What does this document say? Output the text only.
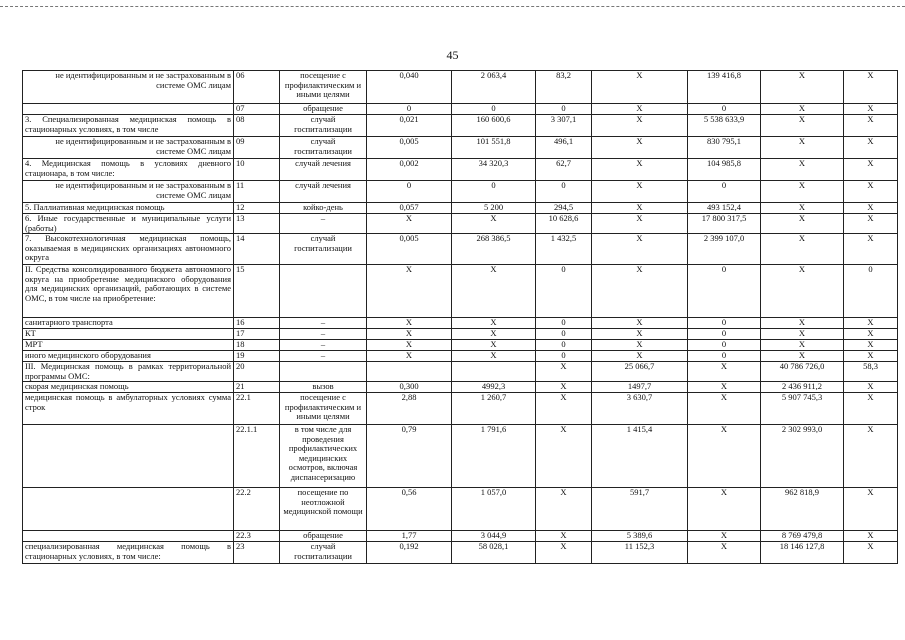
45
не идентифицированным и не застрахованным в системе ОМС лицам	06	посещение с профилактическим и иными целями	0,040	2 063,4	83,2	X	139 416,8	X	X
	07	обращение	0	0	0	X	0	X	X
3. Специализированная медицинская помощь в стационарных условиях, в том числе	08	случай госпитализации	0,021	160 600,6	3 307,1	X	5 538 633,9	X	X
не идентифицированным и не застрахованным в системе ОМС лицам	09	случай госпитализации	0,005	101 551,8	496,1	X	830 795,1	X	X
4. Медицинская помощь в условиях дневного стационара, в том числе:	10	случай лечения	0,002	34 320,3	62,7	X	104 985,8	X	X
не идентифицированным и не застрахованным в системе ОМС лицам	11	случай лечения	0	0	0	X	0	X	X
5. Паллиативная медицинская помощь	12	койко-день	0,057	5 200	294,5	X	493 152,4	X	X
6. Иные государственные и муниципальные услуги (работы)	13	–	X	X	10 628,6	X	17 800 317,5	X	X
7. Высокотехнологичная медицинская помощь, оказываемая в медицинских организациях автономного округа	14	случай госпитализации	0,005	268 386,5	1 432,5	X	2 399 107,0	X	X
II. Средства консолидированного бюджета автономного округа на приобретение медицинского оборудования для медицинских организаций, работающих в системе ОМС, в том числе на приобретение:	15		X	X	0	X	0	X	0
санитарного транспорта	16	–	X	X	0	X	0	X	X
КТ	17	–	X	X	0	X	0	X	X
МРТ	18	–	X	X	0	X	0	X	X
иного медицинского оборудования	19	–	X	X	0	X	0	X	X
III. Медицинская помощь в рамках территориальной программы ОМС:	20				X	25 066,7	X	40 786 726,0	58,3
скорая медицинская помощь	21	вызов	0,300	4992,3	X	1497,7	X	2 436 911,2	X
медицинская помощь в амбулаторных условиях сумма строк	22.1	посещение с профилактическим и иными целями	2,88	1 260,7	X	3 630,7	X	5 907 745,3	X
	22.1.1	в том числе для проведения профилактических медицинских осмотров, включая диспансеризацию	0,79	1 791,6	X	1 415,4	X	2 302 993,0	X
	22.2	посещение по неотложной медицинской помощи	0,56	1 057,0	X	591,7	X	962 818,9	X
	22.3	обращение	1,77	3 044,9	X	5 389,6	X	8 769 479,8	X
специализированная медицинская помощь в стационарных условиях, в том числе:	23	случай госпитализации	0,192	58 028,1	X	11 152,3	X	18 146 127,8	X
